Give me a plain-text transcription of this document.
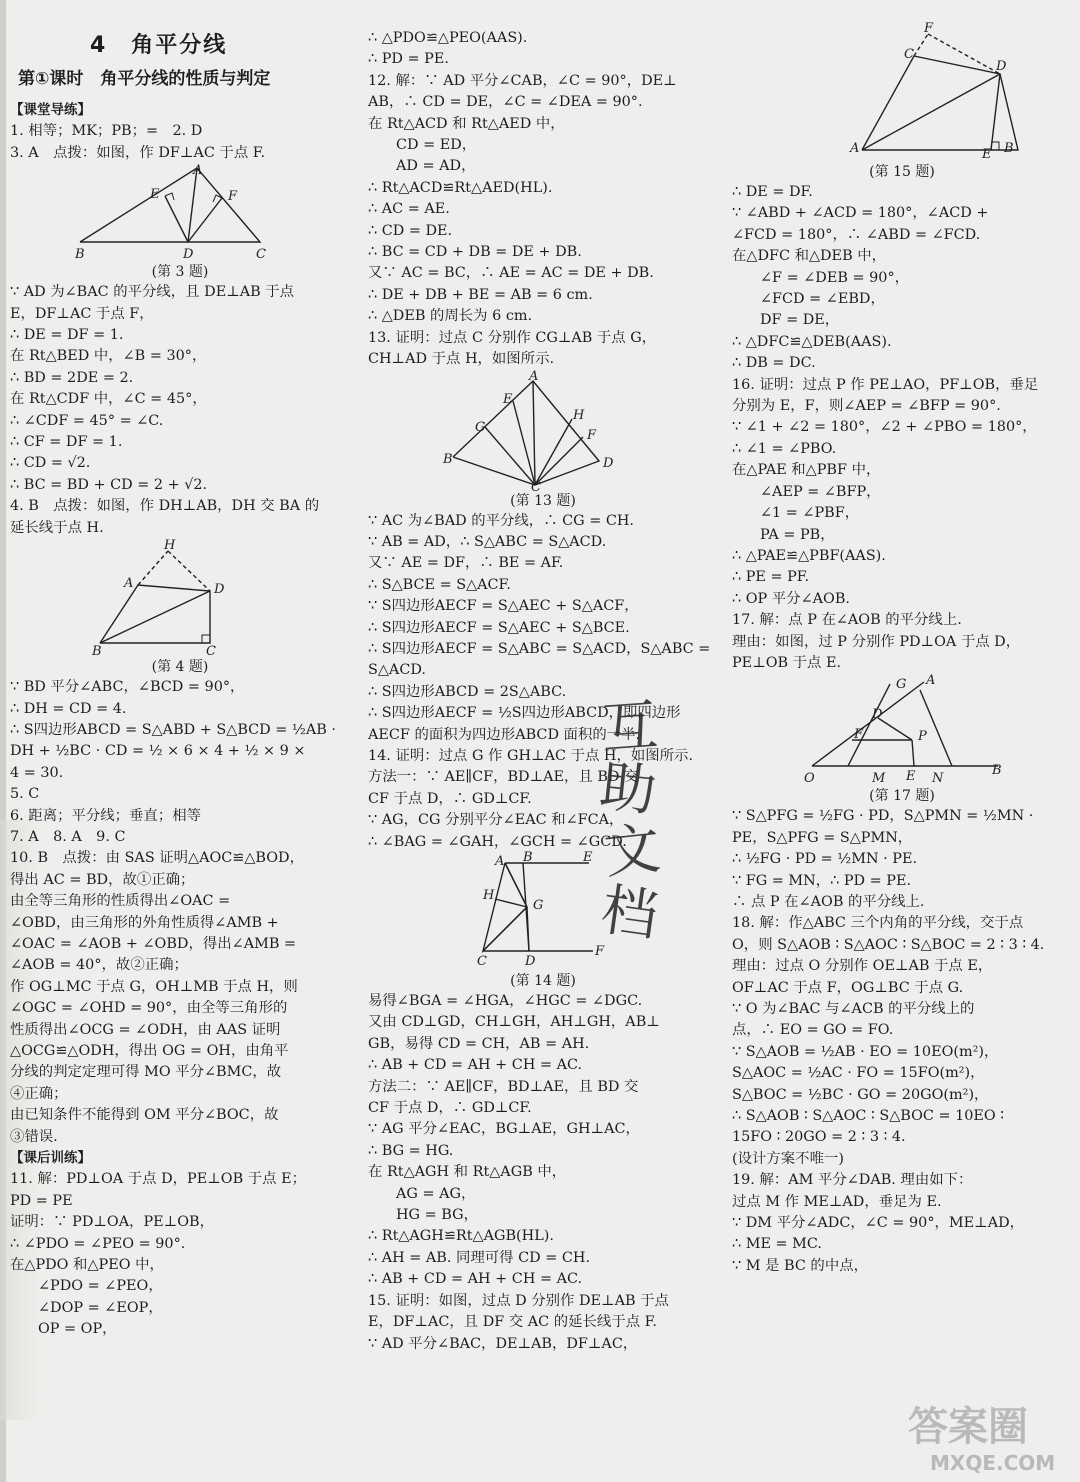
4　角平分线
第①课时　角平分线的性质与判定
【课堂导练】
1. 相等；MK；PB；=　2. D
3. A　点拨：如图，作 DF⊥AC 于点 F.
A
E	F
B	D	C
(第 3 题)
∵ AD 为∠BAC 的平分线，且 DE⊥AB 于点
E，DF⊥AC 于点 F，
∴ DE = DF = 1.
在 Rt△BED 中，∠B = 30°，
∴ BD = 2DE = 2.
在 Rt△CDF 中，∠C = 45°，
∴ ∠CDF = 45° = ∠C.
∴ CF = DF = 1.
∴ CD = √2.
∴ BC = BD + CD = 2 + √2.
4. B　点拨：如图，作 DH⊥AB，DH 交 BA 的
延长线于点 H.
H
A	D
B	C
(第 4 题)
∵ BD 平分∠ABC，∠BCD = 90°，
∴ DH = CD = 4.
∴ S四边形ABCD = S△ABD + S△BCD = ½AB ·
DH + ½BC · CD = ½ × 6 × 4 + ½ × 9 ×
4 = 30.
5. C
6. 距离；平分线；垂直；相等
7. A　8. A　9. C
10. B　点拨：由 SAS 证明△AOC≌△BOD，
得出 AC = BD，故①正确；
由全等三角形的性质得出∠OAC =
∠OBD，由三角形的外角性质得∠AMB +
∠OAC = ∠AOB + ∠OBD，得出∠AMB =
∠AOB = 40°，故②正确；
作 OG⊥MC 于点 G，OH⊥MB 于点 H，则
∠OGC = ∠OHD = 90°，由全等三角形的
性质得出∠OCG = ∠ODH，由 AAS 证明
△OCG≌△ODH，得出 OG = OH，由角平
分线的判定定理可得 MO 平分∠BMC，故
④正确；
由已知条件不能得到 OM 平分∠BOC，故
③错误.
【课后训练】
11. 解：PD⊥OA 于点 D，PE⊥OB 于点 E；
PD = PE
证明：∵ PD⊥OA，PE⊥OB，
∴ ∠PDO = ∠PEO = 90°.
在△PDO 和△PEO 中，
∠PDO = ∠PEO，
∠DOP = ∠EOP，
OP = OP，
∴ △PDO≌△PEO(AAS).
∴ PD = PE.
12. 解：∵ AD 平分∠CAB，∠C = 90°，DE⊥
AB，∴ CD = DE，∠C = ∠DEA = 90°.
在 Rt△ACD 和 Rt△AED 中，
CD = ED，
AD = AD，
∴ Rt△ACD≌Rt△AED(HL).
∴ AC = AE.
∴ CD = DE.
∴ BC = CD + DB = DE + DB.
又∵ AC = BC，∴ AE = AC = DE + DB.
∴ DE + DB + BE = AB = 6 cm.
∴ △DEB 的周长为 6 cm.
13. 证明：过点 C 分别作 CG⊥AB 于点 G，
CH⊥AD 于点 H，如图所示.
A
E
G
H
F
B	D
C
(第 13 题)
∵ AC 为∠BAD 的平分线，∴ CG = CH.
∵ AB = AD，∴ S△ABC = S△ACD.
又∵ AE = DF，∴ BE = AF.
∴ S△BCE = S△ACF.
∵ S四边形AECF = S△AEC + S△ACF，
∴ S四边形AECF = S△AEC + S△BCE.
∴ S四边形AECF = S△ABC = S△ACD，S△ABC =
S△ACD.
∴ S四边形ABCD = 2S△ABC.
∴ S四边形AECF = ½S四边形ABCD，即四边形
AECF 的面积为四边形ABCD 面积的一半.
14. 证明：过点 G 作 GH⊥AC 于点 H，如图所示.
方法一：∵ AE∥CF，BD⊥AE，且 BD 交
CF 于点 D，∴ GD⊥CF.
∵ AG，CG 分别平分∠EAC 和∠FCA，
∴ ∠BAG = ∠GAH，∠GCH = ∠GCD.
A B	E
H
G
C	D
F
(第 14 题)
易得∠BGA = ∠HGA，∠HGC = ∠DGC.
又由 CD⊥GD，CH⊥GH，AH⊥GH，AB⊥
GB，易得 CD = CH，AB = AH.
∴ AB + CD = AH + CH = AC.
方法二：∵ AE∥CF，BD⊥AE，且 BD 交
CF 于点 D，∴ GD⊥CF.
∵ AG 平分∠EAC，BG⊥AE，GH⊥AC，
∴ BG = HG.
在 Rt△AGH 和 Rt△AGB 中，
AG = AG，
HG = BG，
∴ Rt△AGH≌Rt△AGB(HL).
∴ AH = AB. 同理可得 CD = CH.
∴ AB + CD = AH + CH = AC.
15. 证明：如图，过点 D 分别作 DE⊥AB 于点
E，DF⊥AC，且 DF 交 AC 的延长线于点 F.
∵ AD 平分∠BAC，DE⊥AB，DF⊥AC，
F
C
D
A	E B
(第 15 题)
∴ DE = DF.
∵ ∠ABD + ∠ACD = 180°，∠ACD +
∠FCD = 180°，∴ ∠ABD = ∠FCD.
在△DFC 和△DEB 中，
∠F = ∠DEB = 90°，
∠FCD = ∠EBD，
DF = DE，
∴ △DFC≌△DEB(AAS).
∴ DB = DC.
16. 证明：过点 P 作 PE⊥AO，PF⊥OB，垂足
分别为 E，F，则∠AEP = ∠BFP = 90°.
∵ ∠1 + ∠2 = 180°，∠2 + ∠PBO = 180°，
∴ ∠1 = ∠PBO.
在△PAE 和△PBF 中，
∠AEP = ∠BFP，
∠1 = ∠PBF，
PA = PB，
∴ △PAE≌△PBF(AAS).
∴ PE = PF.
∴ OP 平分∠AOB.
17. 解：点 P 在∠AOB 的平分线上.
理由：如图，过 P 分别作 PD⊥OA 于点 D，
PE⊥OB 于点 E.
G A
D
F	P
O	M E N
B
(第 17 题)
∵ S△PFG = ½FG · PD，S△PMN = ½MN ·
PE，S△PFG = S△PMN，
∴ ½FG · PD = ½MN · PE.
∵ FG = MN，∴ PD = PE.
∴ 点 P 在∠AOB 的平分线上.
18. 解：作△ABC 三个内角的平分线，交于点
O，则 S△AOB ∶ S△AOC ∶ S△BOC = 2 ∶ 3 ∶ 4.
理由：过点 O 分别作 OE⊥AB 于点 E，
OF⊥AC 于点 F，OG⊥BC 于点 G.
∵ O 为∠BAC 与∠ACB 的平分线上的
点，∴ EO = GO = FO.
∵ S△AOB = ½AB · EO = 10EO(m²)，
S△AOC = ½AC · FO = 15FO(m²)，
S△BOC = ½BC · GO = 20GO(m²)，
∴ S△AOB ∶ S△AOC ∶ S△BOC = 10EO ∶
15FO ∶ 20GO = 2 ∶ 3 ∶ 4.
(设计方案不唯一)
19. 解：AM 平分∠DAB. 理由如下：
过点 M 作 ME⊥AD，垂足为 E.
∵ DM 平分∠ADC，∠C = 90°，ME⊥AD，
∴ ME = MC.
∵ M 是 BC 的中点，
互
助
文
档
答案圈
MXQE.COM
